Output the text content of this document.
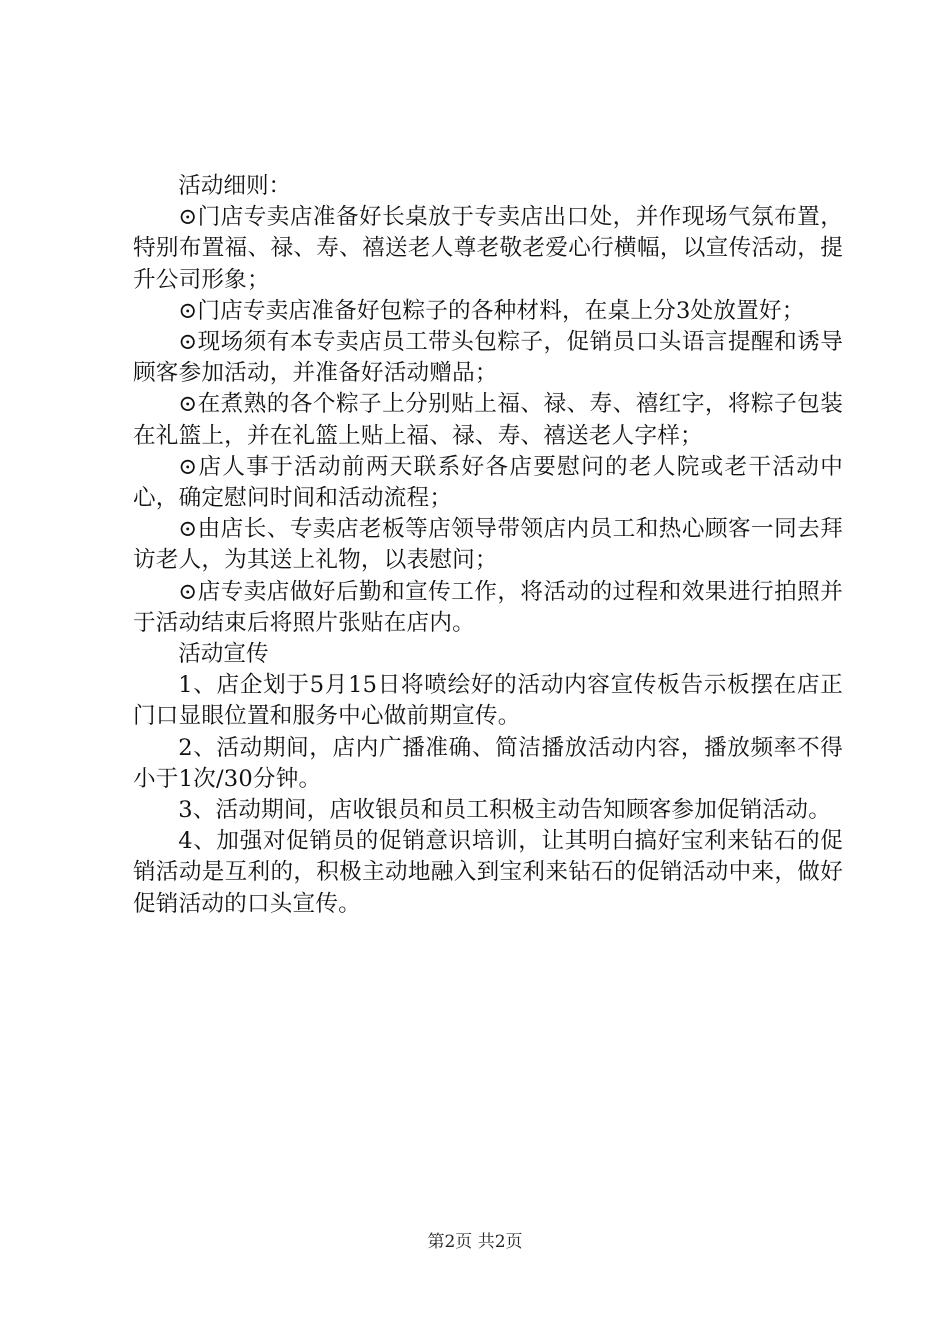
活动细则：

⊙门店专卖店准备好长桌放于专卖店出口处，并作现场气氛布置，特别布置福、禄、寿、禧送老人尊老敬老爱心行横幅，以宣传活动，提升公司形象；

⊙门店专卖店准备好包粽子的各种材料，在桌上分3处放置好；

⊙现场须有本专卖店员工带头包粽子，促销员口头语言提醒和诱导顾客参加活动，并准备好活动赠品；

⊙在煮熟的各个粽子上分别贴上福、禄、寿、禧红字，将粽子包装在礼篮上，并在礼篮上贴上福、禄、寿、禧送老人字样；

⊙店人事于活动前两天联系好各店要慰问的老人院或老干活动中心，确定慰问时间和活动流程；

⊙由店长、专卖店老板等店领导带领店内员工和热心顾客一同去拜访老人，为其送上礼物，以表慰问；

⊙店专卖店做好后勤和宣传工作，将活动的过程和效果进行拍照并于活动结束后将照片张贴在店内。

活动宣传

1、店企划于5月15日将喷绘好的活动内容宣传板告示板摆在店正门口显眼位置和服务中心做前期宣传。

2、活动期间，店内广播准确、简洁播放活动内容，播放频率不得小于1次/30分钟。

3、活动期间，店收银员和员工积极主动告知顾客参加促销活动。

4、加强对促销员的促销意识培训，让其明白搞好宝利来钻石的促销活动是互利的，积极主动地融入到宝利来钻石的促销活动中来，做好促销活动的口头宣传。

第2页 共2页
